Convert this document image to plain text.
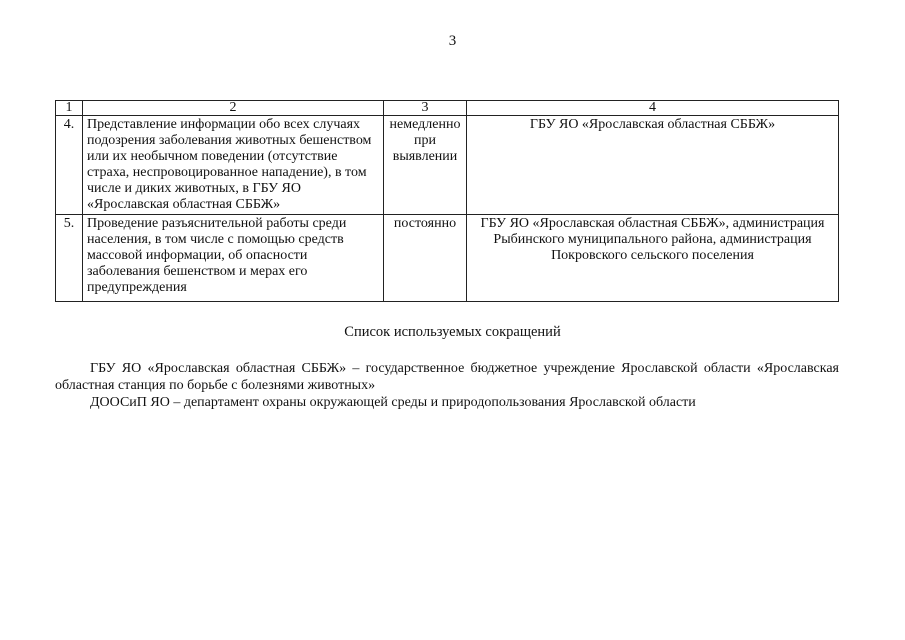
3
1	2	3	4
4.	Представление информации обо всех случаях подозрения заболевания животных бешенством или их необычном поведении (отсутствие страха, неспровоцированное нападение), в том числе и диких животных, в ГБУ ЯО «Ярославская областная СББЖ»	немедленно при выявлении	ГБУ ЯО «Ярославская областная СББЖ»
5.	Проведение разъяснительной работы среди населения, в том числе с помощью средств массовой информации, об опасности заболевания бешенством и мерах его предупреждения	постоянно	ГБУ ЯО «Ярославская областная СББЖ», администрация Рыбинского муниципального района, администрация Покровского сельского поселения
Список используемых сокращений

ГБУ ЯО «Ярославская областная СББЖ» – государственное бюджетное учреждение Ярославской области «Ярославская областная станция по борьбе с болезнями животных»

ДООСиП ЯО – департамент охраны окружающей среды и природопользования Ярославской области
